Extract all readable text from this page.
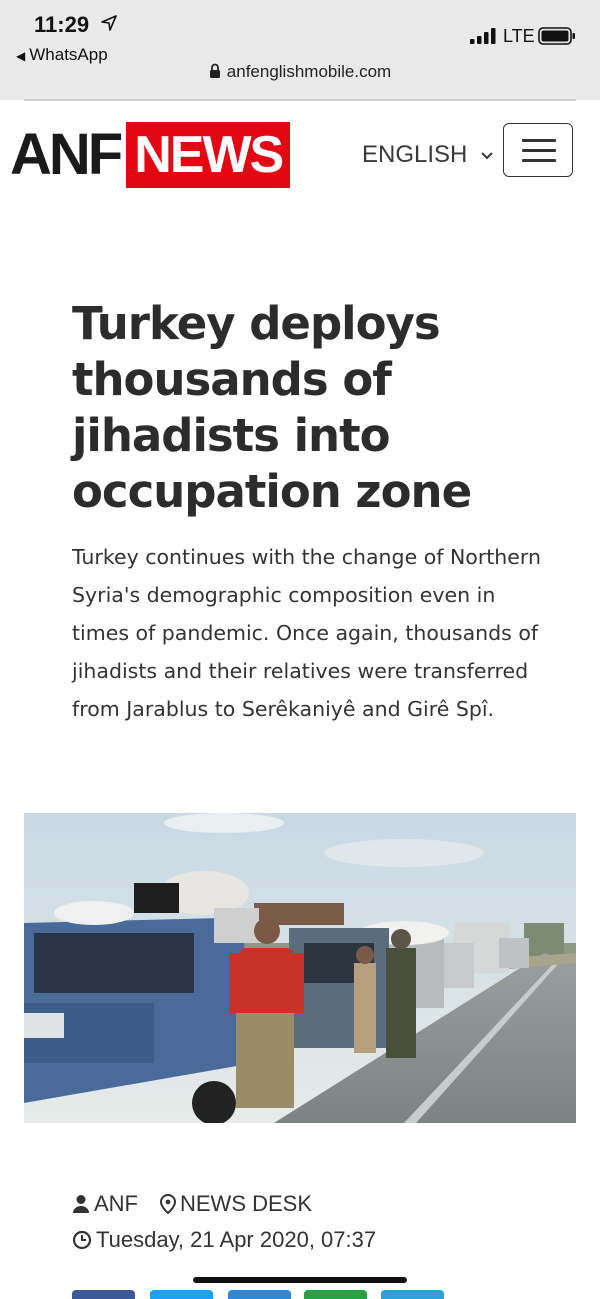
11:29
◀ WhatsApp
LTE
anfenglishmobile.com
ANF NEWS	ENGLISH
Turkey deploys thousands of jihadists into occupation zone

Turkey continues with the change of Northern Syria's demographic composition even in times of pandemic. Once again, thousands of jihadists and their relatives were transferred from Jarablus to Serêkaniyê and Girê Spî.

ANF NEWS DESK
Tuesday, 21 Apr 2020, 07:37
